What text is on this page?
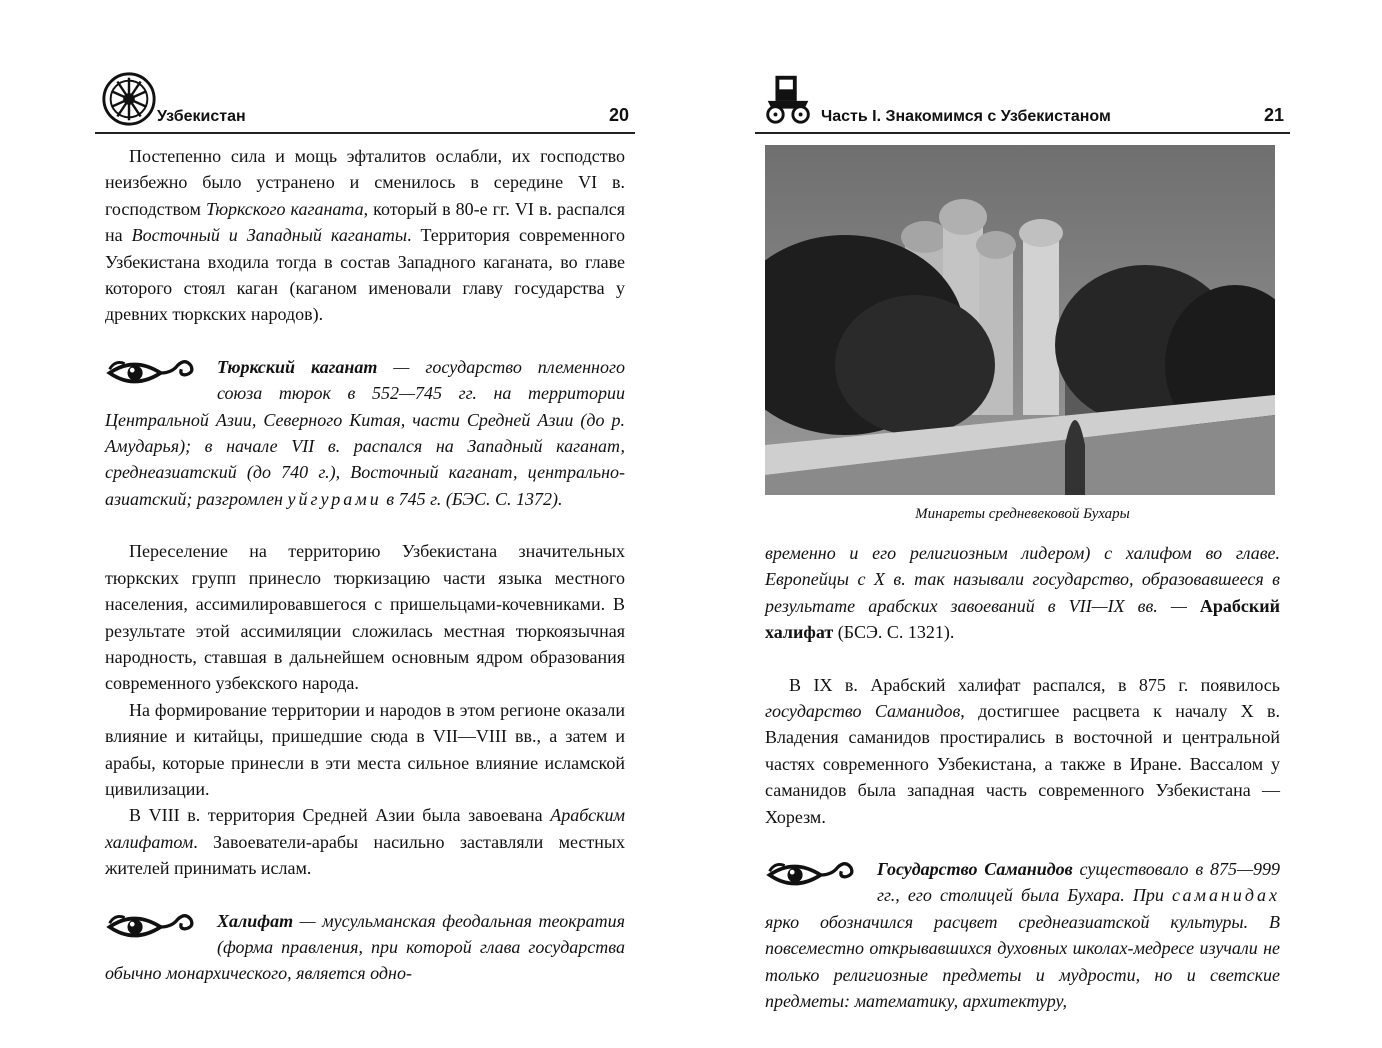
Узбекистан	20

Постепенно сила и мощь эфталитов ослабли, их господство неизбежно было устранено и сменилось в середине VI в. господством Тюркского каганата, который в 80-е гг. VI в. распался на Восточный и Западный каганаты. Территория современного Узбекистана входила тогда в состав Западного каганата, во главе которого стоял каган (каганом именовали главу государства у древних тюркских народов).

Тюркский каганат — государство племенного союза тюрок в 552—745 гг. на территории Центральной Азии, Северного Китая, части Средней Азии (до р. Амударья); в начале VII в. распался на Западный каганат, среднеазиатский (до 740 г.), Восточный каганат, центрально-азиатский; разгромлен уйгурами в 745 г. (БЭС. С. 1372).

Переселение на территорию Узбекистана значительных тюркских групп принесло тюркизацию части языка местного населения, ассимилировавшегося с пришельцами-кочевниками. В результате этой ассимиляции сложилась местная тюркоязычная народность, ставшая в дальнейшем основным ядром образования современного узбекского народа.

На формирование территории и народов в этом регионе оказали влияние и китайцы, пришедшие сюда в VII—VIII вв., а затем и арабы, которые принесли в эти места сильное влияние исламской цивилизации.

В VIII в. территория Средней Азии была завоевана Арабским халифатом. Завоеватели-арабы насильно заставляли местных жителей принимать ислам.

Халифат — мусульманская феодальная теократия (форма правления, при которой глава государства обычно монархического, является одно-

Часть I. Знакомимся с Узбекистаном	21
Минареты средневековой Бухары

временно и его религиозным лидером) с халифом во главе. Европейцы с X в. так называли государство, образовавшееся в результате арабских завоеваний в VII—IX вв. — Арабский халифат (БСЭ. С. 1321).

В IX в. Арабский халифат распался, в 875 г. появилось государство Саманидов, достигшее расцвета к началу X в. Владения саманидов простирались в восточной и центральной частях современного Узбекистана, а также в Иране. Вассалом у саманидов была западная часть современного Узбекистана — Хорезм.

Государство Саманидов существовало в 875—999 гг., его столицей была Бухара. При саманидах ярко обозначился расцвет среднеазиатской культуры. В повсеместно открывавшихся духовных школах-медресе изучали не только религиозные предметы и мудрости, но и светские предметы: математику, архитектуру,
